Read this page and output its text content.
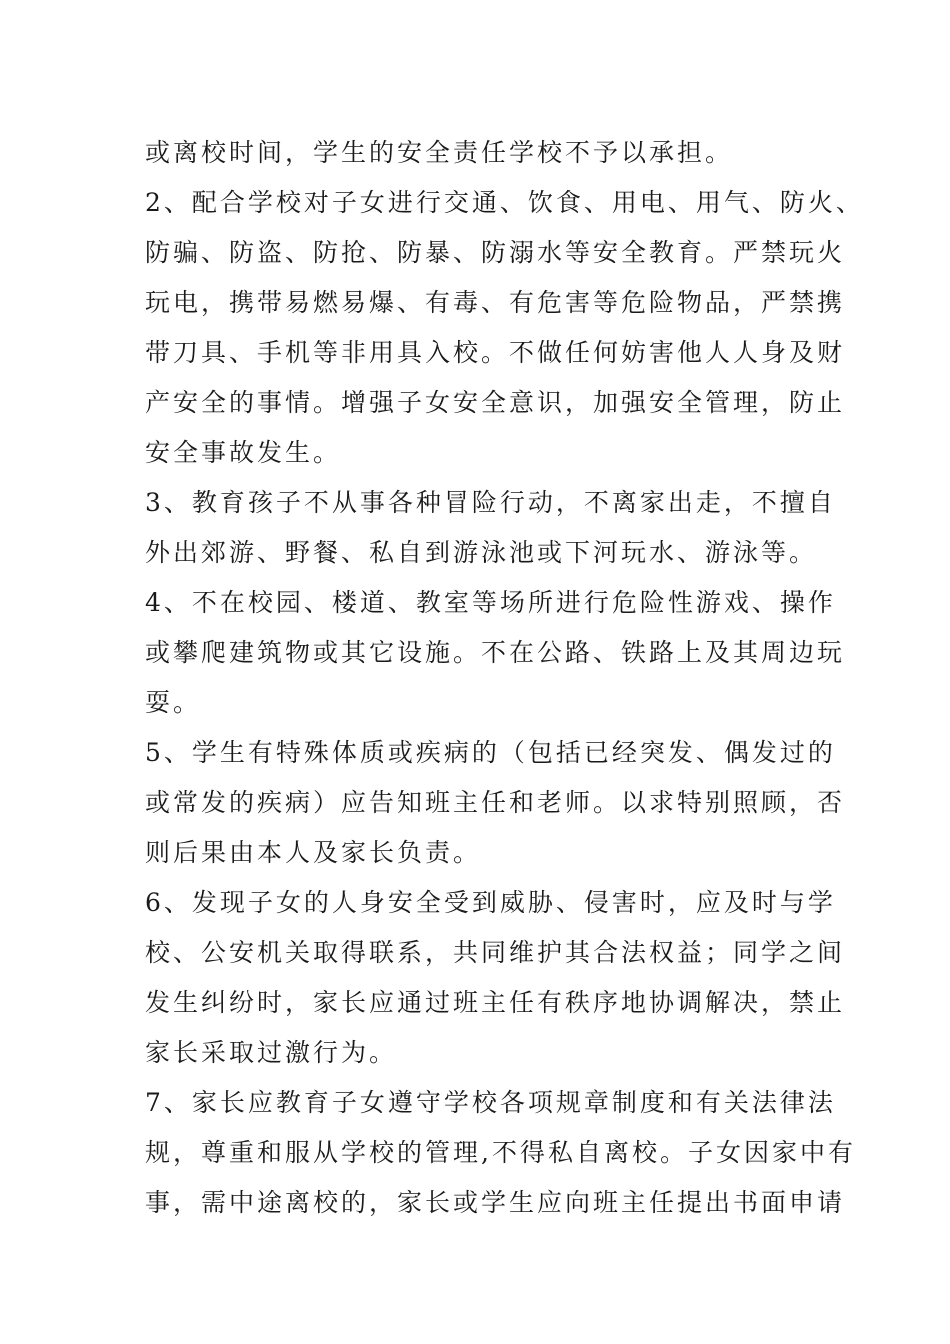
或离校时间，学生的安全责任学校不予以承担。
2、配合学校对子女进行交通、饮食、用电、用气、防火、
防骗、防盗、防抢、防暴、防溺水等安全教育。严禁玩火
玩电，携带易燃易爆、有毒、有危害等危险物品，严禁携
带刀具、手机等非用具入校。不做任何妨害他人人身及财
产安全的事情。增强子女安全意识，加强安全管理，防止
安全事故发生。
3、教育孩子不从事各种冒险行动，不离家出走，不擅自
外出郊游、野餐、私自到游泳池或下河玩水、游泳等。
4、不在校园、楼道、教室等场所进行危险性游戏、操作
或攀爬建筑物或其它设施。不在公路、铁路上及其周边玩
耍。
5、学生有特殊体质或疾病的（包括已经突发、偶发过的
或常发的疾病）应告知班主任和老师。以求特别照顾，否
则后果由本人及家长负责。
6、发现子女的人身安全受到威胁、侵害时，应及时与学
校、公安机关取得联系，共同维护其合法权益；同学之间
发生纠纷时，家长应通过班主任有秩序地协调解决，禁止
家长采取过激行为。
7、家长应教育子女遵守学校各项规章制度和有关法律法
规，尊重和服从学校的管理,不得私自离校。子女因家中有
事，需中途离校的，家长或学生应向班主任提出书面申请
